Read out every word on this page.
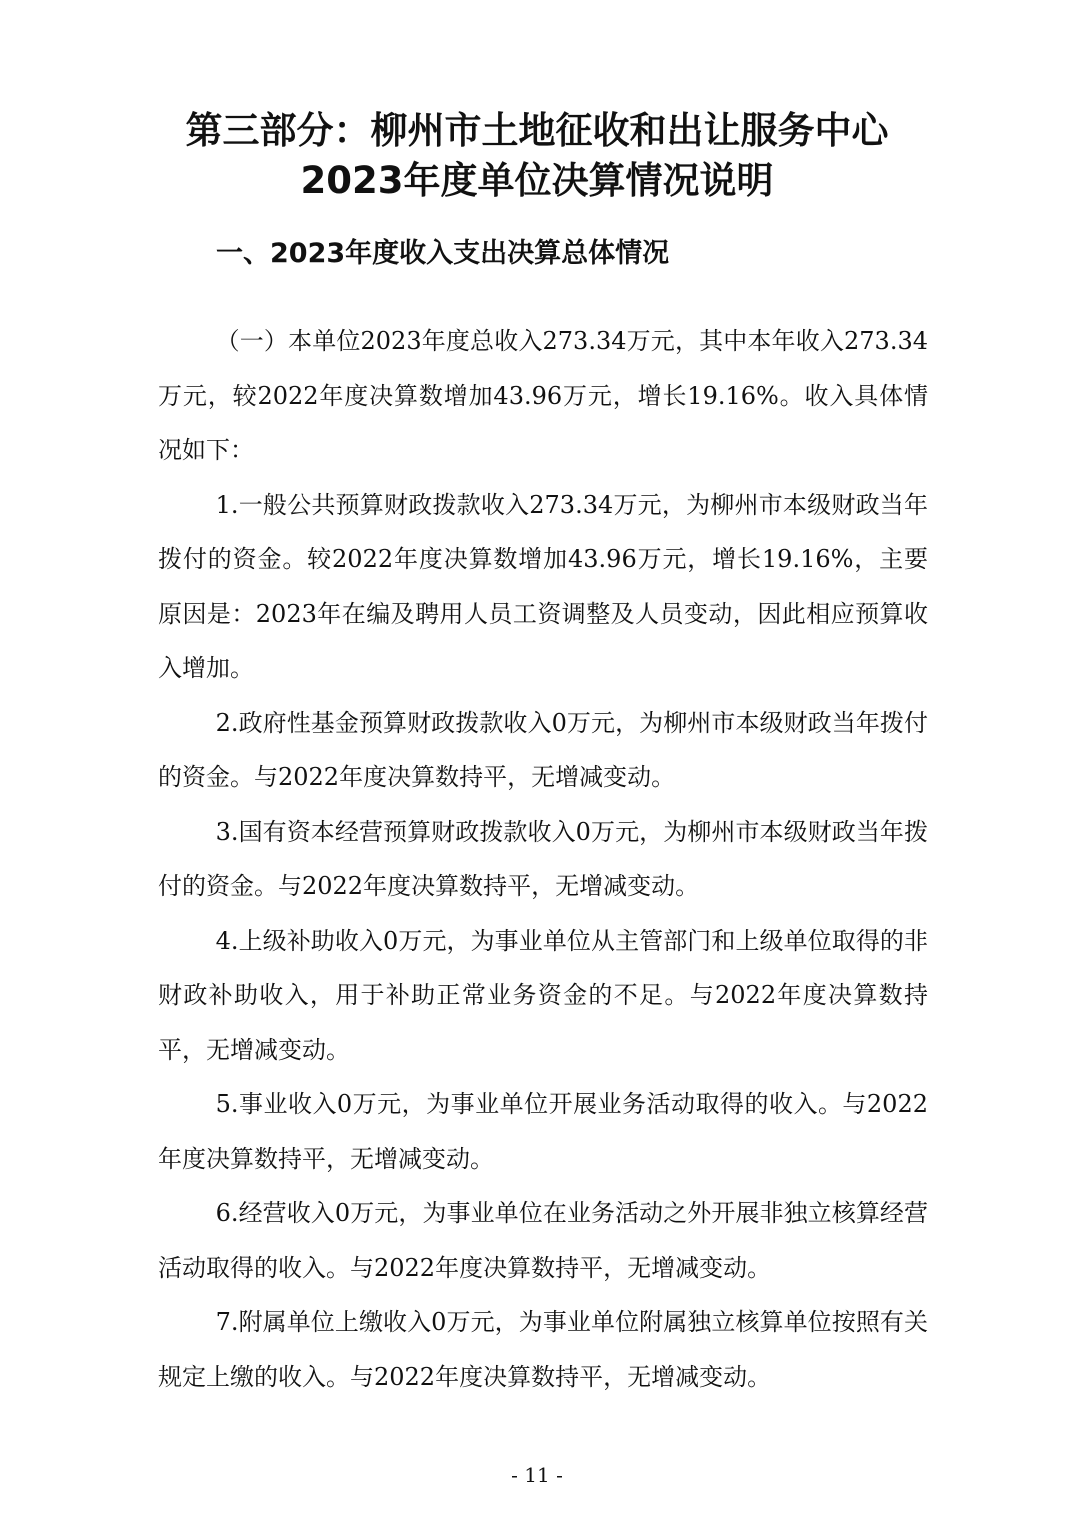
第三部分：柳州市土地征收和出让服务中心
2023年度单位决算情况说明
一、2023年度收入支出决算总体情况

（一）本单位2023年度总收入273.34万元，其中本年收入273.34万元，较2022年度决算数增加43.96万元，增长19.16%。收入具体情况如下：

1.一般公共预算财政拨款收入273.34万元，为柳州市本级财政当年拨付的资金。较2022年度决算数增加43.96万元，增长19.16%，主要原因是：2023年在编及聘用人员工资调整及人员变动，因此相应预算收入增加。

2.政府性基金预算财政拨款收入0万元，为柳州市本级财政当年拨付的资金。与2022年度决算数持平，无增减变动。

3.国有资本经营预算财政拨款收入0万元，为柳州市本级财政当年拨付的资金。与2022年度决算数持平，无增减变动。

4.上级补助收入0万元，为事业单位从主管部门和上级单位取得的非财政补助收入，用于补助正常业务资金的不足。与2022年度决算数持平，无增减变动。

5.事业收入0万元，为事业单位开展业务活动取得的收入。与2022年度决算数持平，无增减变动。

6.经营收入0万元，为事业单位在业务活动之外开展非独立核算经营活动取得的收入。与2022年度决算数持平，无增减变动。

7.附属单位上缴收入0万元，为事业单位附属独立核算单位按照有关规定上缴的收入。与2022年度决算数持平，无增减变动。

- 11 -
